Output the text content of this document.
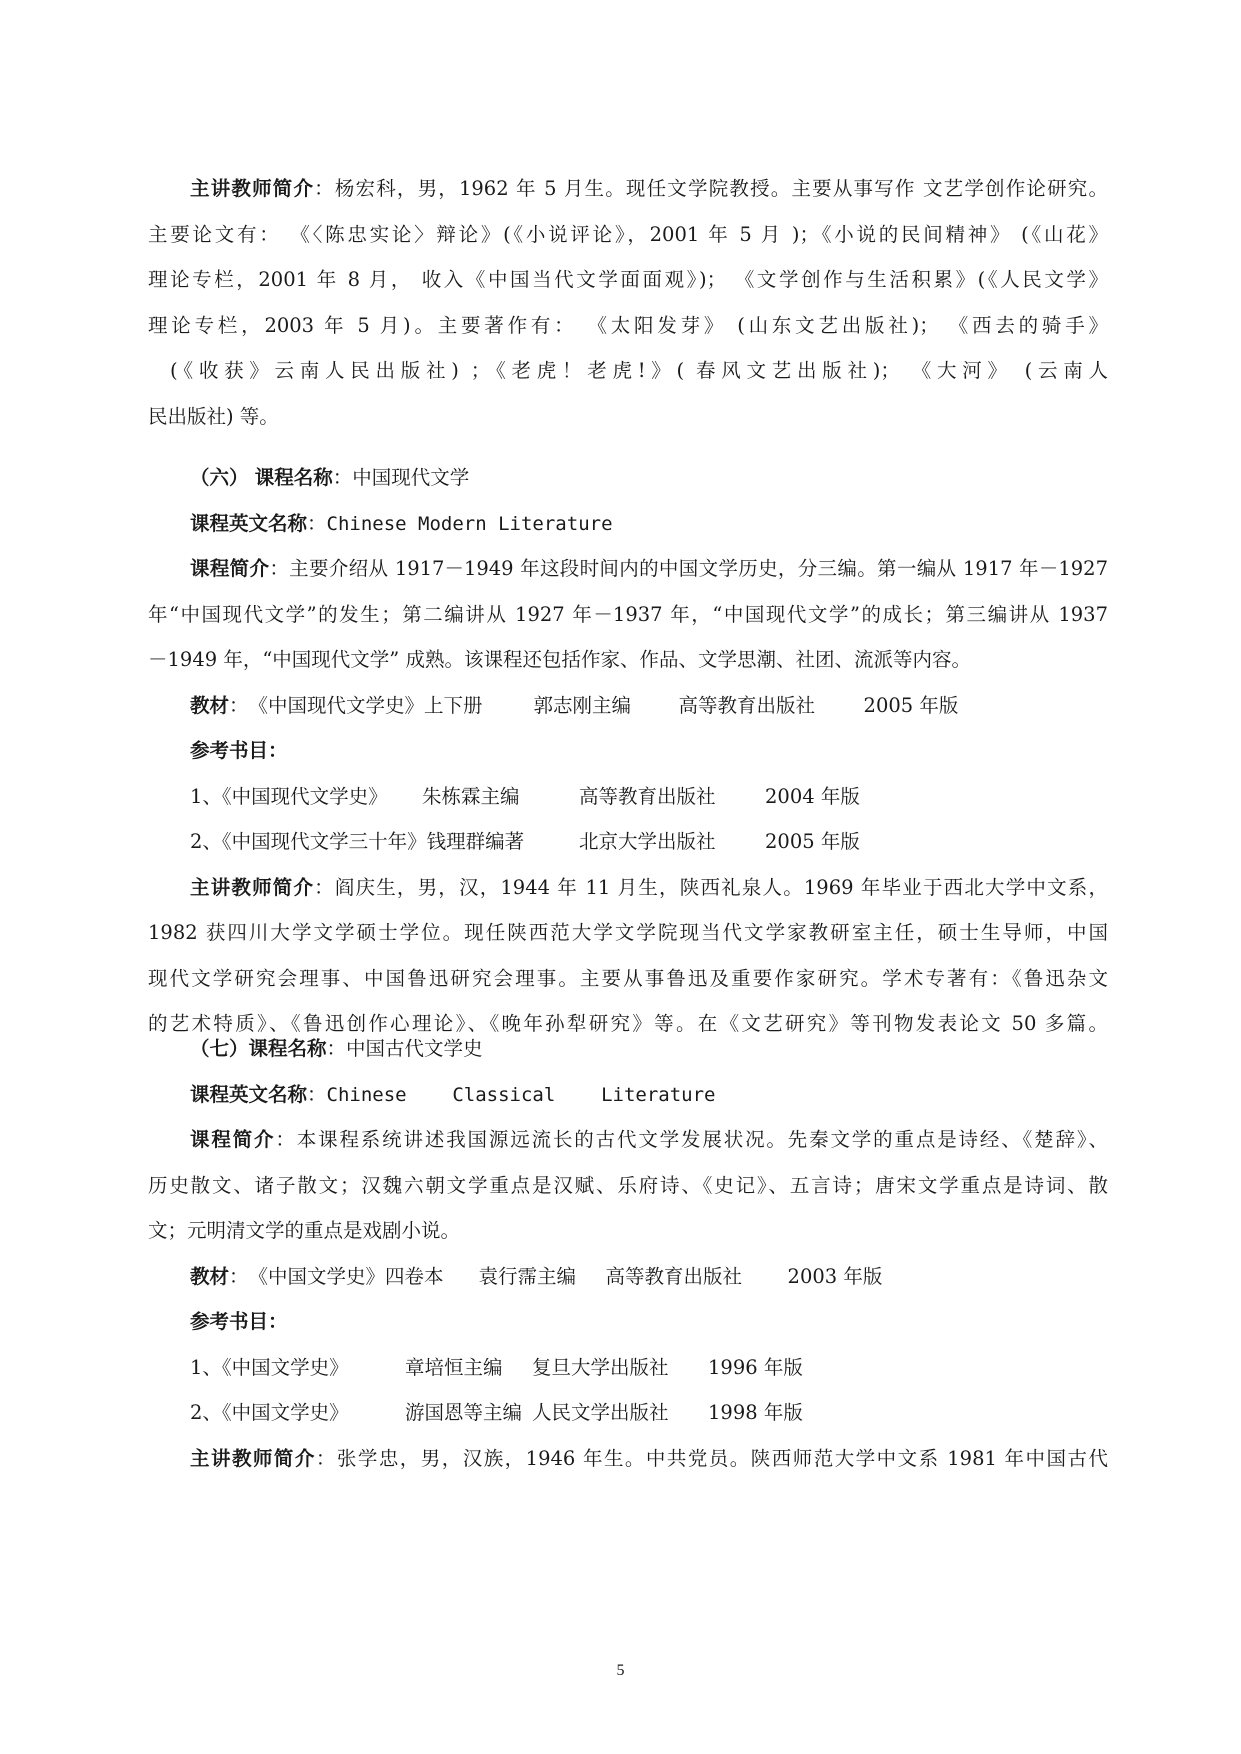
主讲教师简介：杨宏科，男，1962 年 5 月生。现任文学院教授。主要从事写作 文艺学创作论研究。
主要论文有： 《〈陈忠实论〉辩论》(《小说评论》，2001 年 5 月 )；《小说的民间精神》 (《山花》
理论专栏，2001 年 8 月， 收入《中国当代文学面面观》)； 《文学创作与生活积累》(《人民文学》
理论专栏，2003 年 5 月)。主要著作有： 《太阳发芽》 (山东文艺出版社)； 《西去的骑手》
(《收获》云南人民出版社) ；《老虎！老虎!》( 春风文艺出版社)； 《大河》 (云南人
民出版社) 等。
（六） 课程名称：中国现代文学
课程英文名称：Chinese Modern Literature
课程简介：主要介绍从 1917－1949 年这段时间内的中国文学历史，分三编。第一编从 1917 年－1927
年“中国现代文学”的发生；第二编讲从 1927 年－1937 年，“中国现代文学”的成长；第三编讲从 1937
－1949 年，“中国现代文学” 成熟。该课程还包括作家、作品、文学思潮、社团、流派等内容。
教材：《中国现代文学史》上下册	郭志刚主编 高等教育出版社 2005 年版
参考书目：
1、《中国现代文学史》 朱栋霖主编	高等教育出版社	2004 年版
2、《中国现代文学三十年》钱理群编著	北京大学出版社	2005 年版
主讲教师简介：阎庆生，男，汉，1944 年 11 月生，陕西礼泉人。1969 年毕业于西北大学中文系，
1982 获四川大学文学硕士学位。现任陕西范大学文学院现当代文学家教研室主任，硕士生导师，中国
现代文学研究会理事、中国鲁迅研究会理事。主要从事鲁迅及重要作家研究。学术专著有：《鲁迅杂文
的艺术特质》、《鲁迅创作心理论》、《晚年孙犁研究》等。在《文艺研究》等刊物发表论文 50 多篇。
（七）课程名称：中国古代文学史
课程英文名称：Chinese    Classical    Literature
课程简介：本课程系统讲述我国源远流长的古代文学发展状况。先秦文学的重点是诗经、《楚辞》、
历史散文、诸子散文；汉魏六朝文学重点是汉赋、乐府诗、《史记》、五言诗；唐宋文学重点是诗词、散
文；元明清文学的重点是戏剧小说。
教材：《中国文学史》四卷本 袁行霈主编 高等教育出版社 2003 年版
参考书目：
1、《中国文学史》	章培恒主编 复旦大学出版社 1996 年版
2、《中国文学史》	游国恩等主编 人民文学出版社 1998 年版
主讲教师简介：张学忠，男，汉族，1946 年生。中共党员。陕西师范大学中文系 1981 年中国古代
5
